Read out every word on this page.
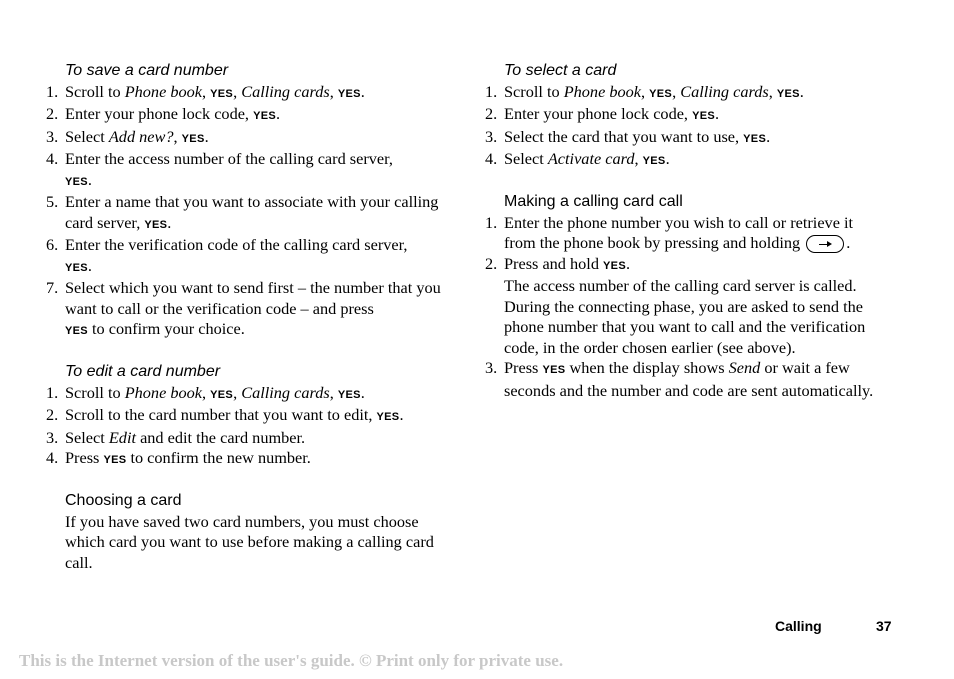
To save a card number
1. Scroll to Phone book, YES, Calling cards, YES.
2. Enter your phone lock code, YES.
3. Select Add new?, YES.
4. Enter the access number of the calling card server,
YES.
5. Enter a name that you want to associate with your calling card server, YES.
6. Enter the verification code of the calling card server,
YES.
7. Select which you want to send first – the number that you want to call or the verification code – and press
YES to confirm your choice.
To edit a card number
1. Scroll to Phone book, YES, Calling cards, YES.
2. Scroll to the card number that you want to edit, YES.
3. Select Edit and edit the card number.
4. Press YES to confirm the new number.
Choosing a card
If you have saved two card numbers, you must choose which card you want to use before making a calling card call.
To select a card
1. Scroll to Phone book, YES, Calling cards, YES.
2. Enter your phone lock code, YES.
3. Select the card that you want to use, YES.
4. Select Activate card, YES.
Making a calling card call
1. Enter the phone number you wish to call or retrieve it from the phone book by pressing and holding	.
2. Press and hold YES.
The access number of the calling card server is called. During the connecting phase, you are asked to send the phone number that you want to call and the verification code, in the order chosen earlier (see above).
3. Press YES when the display shows Send or wait a few seconds and the number and code are sent automatically.
Calling	37
This is the Internet version of the user's guide. © Print only for private use.
